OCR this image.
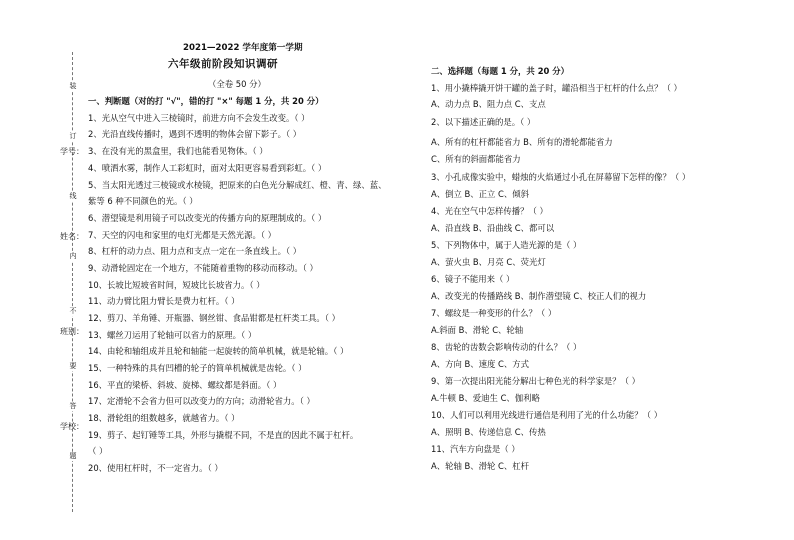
学号：
姓名：
班别：
学校：
装
订
线
内
不
要
答
题
2021—2022 学年度第一学期
六年级前阶段知识调研
（全卷 50 分）
一、判断题（对的打 "√"，错的打 "×" 每题 1 分，共 20 分）
1、光从空气中进入三棱镜时，前进方向不会发生改变。（ ）
2、光沿直线传播时，遇到不透明的物体会留下影子。（ ）
3、在没有光的黑盒里，我们也能看见物体。（ ）
4、喷洒水雾，制作人工彩虹时，面对太阳更容易看到彩虹。（ ）
5、当太阳光透过三棱镜或水棱镜，把原来的白色光分解成红、橙、青、绿、蓝、
紫等 6 种不同颜色的光。（ ）
6、潜望镜是利用镜子可以改变光的传播方向的原理制成的。（ ）
7、天空的闪电和家里的电灯光都是天然光源。（ ）
8、杠杆的动力点、阻力点和支点一定在一条直线上。（ ）
9、动滑轮固定在一个地方，不能随着重物的移动而移动。（ ）
10、长坡比短坡省时间，短坡比长坡省力。（ ）
11、动力臂比阻力臂长是费力杠杆。（ ）
12、剪刀、羊角锤、开瓶器、钢丝钳、食品钳都是杠杆类工具。（ ）
13、螺丝刀运用了轮轴可以省力的原理。（ ）
14、由轮和轴组成并且轮和轴能一起旋转的简单机械，就是轮轴。（ ）
15、一种特殊的具有凹槽的轮子的简单机械就是齿轮。（ ）
16、平直的梁桥、斜坡、旋梯、螺纹都是斜面。（ ）
17、定滑轮不会省力但可以改变力的方向；动滑轮省力。（ ）
18、滑轮组的组数越多，就越省力。（ ）
19、剪子、起钉锤等工具，外形与撬棍不同，不是直的因此不属于杠杆。
（ ）
20、使用杠杆时，不一定省力。（ ）
二、选择题（每题 1 分，共 20 分）
1、用小撬棒撬开饼干罐的盖子时，罐沿相当于杠杆的什么点？（ ）
A、动力点 B、阻力点 C、支点
2、以下描述正确的是。（ ）
A、所有的杠杆都能省力 B、所有的滑轮都能省力
C、所有的斜面都能省力
3、小孔成像实验中，蜡烛的火焰通过小孔在屏幕留下怎样的像？（ ）
A、倒立 B、正立 C、倾斜
4、光在空气中怎样传播？（ ）
A、沿直线 B、沿曲线 C、都可以
5、下列物体中，属于人造光源的是（ ）
A、萤火虫 B、月亮 C、荧光灯
6、镜子不能用来（ ）
A、改变光的传播路线 B、制作潜望镜 C、校正人们的视力
7、螺纹是一种变形的什么？（ ）
A.斜面 B、滑轮 C、轮轴
8、齿轮的齿数会影响传动的什么？（ ）
A、方向 B、速度 C、方式
9、第一次提出阳光能分解出七种色光的科学家是？（ ）
A.牛顿 B、爱迪生 C、伽利略
10、人们可以利用光线进行通信是利用了光的什么功能？（ ）
A、照明 B、传递信息 C、传热
11、汽车方向盘是（ ）
A、轮轴 B、滑轮 C、杠杆
